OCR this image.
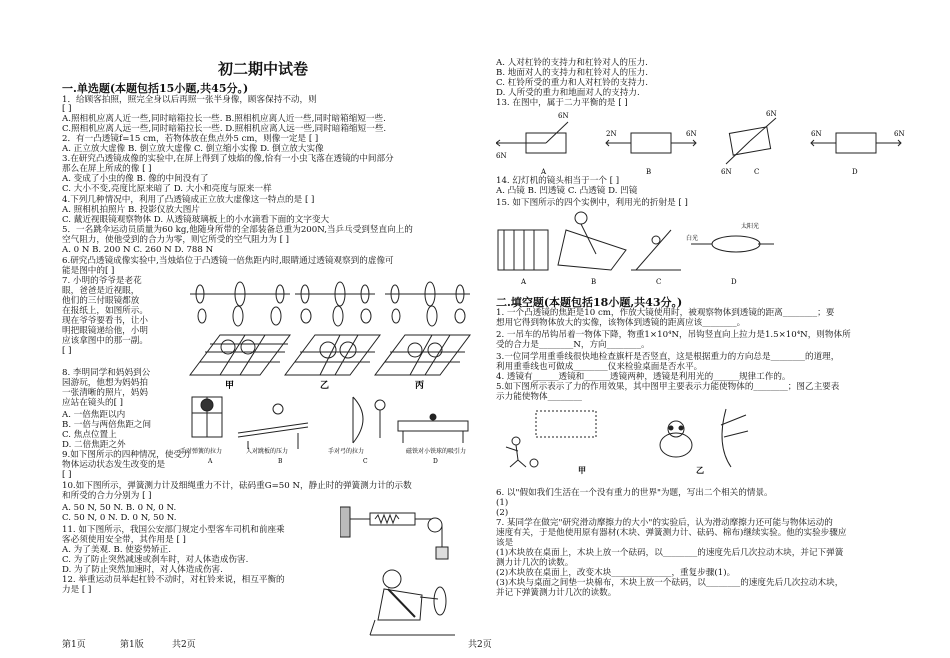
初二期中试卷
一.单选题(本题包括15小题,共45分。)
二.填空题(本题包括18小题,共43分。)
1．给顾客拍照，照完全身以后再照一张半身像，顾客保持不动，则
[ ]
A.照相机应离人近一些,同时暗箱拉长一些. B.照相机应离人近一些,同时暗箱缩短一些.
C.照相机应离人远一些,同时暗箱拉长一些. D.照相机应离人远一些,同时暗箱缩短一些.
2．有一凸透镜f=15 cm，若物体放在焦点外5 cm，则像一定是 [ ]
A. 正立放大虚像 B. 倒立放大虚像 C. 倒立缩小实像 D. 倒立放大实像
3.在研究凸透镜成像的实验中,在屏上得到了烛焰的像,恰有一小虫飞落在透镜的中间部分
那么在屏上所成的像 [ ]
A. 变成了小虫的像 B. 像的中间没有了
C. 大小不变,亮度比原来暗了 D. 大小和亮度与原来一样
4.下列几种情况中，利用了凸透镜成正立放大虚像这一特点的是 [ ]
A. 照相机拍照片 B. 投影仪放大图片
C. 戴近视眼镜观察物体 D. 从透镜玻璃板上的小水滴看下面的文字变大
5．一名跳伞运动员质量为60 kg,他随身所带的全部装备总重为200N,当乒乓受到竖直向上的
空气阻力，使他受到的合力为零，则它所受的空气阻力为 [ ]
A. 0 N B. 200 N C. 260 N D. 788 N
6.研究凸透镜成像实验中,当烛焰位于凸透镜一倍焦距内时,眼睛通过透镜观察到的虚像可
能是图中的[ ]
7. 小明的爷爷是老花
眼，爸爸是近视眼，
他们的三付眼镜都放
在报纸上，如图所示。
现在爷爷要看书，让小
明把眼镜递给他，小明
应该拿图中的那一副。
[ ]
8. 李明同学和妈妈到公
园游玩，他想为妈妈拍
一张清晰的照片，妈妈
应站在镜头的[ ]
A. 一倍焦距以内
B. 一倍与两倍焦距之间
C. 焦点位置上
D. 二倍焦距之外
9.如下图所示的四种情况，使受力
物体运动状态发生改变的是
[ ]
10.如下图所示，弹簧测力计及细绳重力不计，砝码重G=50 N，静止时的弹簧测力计的示数
和所受的合力分别为 [ ]
A. 50 N, 50 N. B. 0 N, 0 N.
C. 50 N, 0 N. D. 0 N, 50 N.
11. 如下图所示，我国公安部门规定小型客车司机和前座乘
客必须使用安全带，其作用是 [ ]
A. 为了美观. B. 使姿势矫正.
C. 为了防止突然减速或刹车时，对人体造成伤害.
D. 为了防止突然加速时，对人体造成伤害.
12. 举重运动员举起杠铃不动时，对杠铃来说，相互平衡的
力是 [ ]
A. 人对杠铃的支持力和杠铃对人的压力.
B. 地面对人的支持力和杠铃对人的压力.
C. 杠铃所受的重力和人对杠铃的支持力.
D. 人所受的重力和地面对人的支持力.
13. 在图中，属于二力平衡的是 [ ]
14. 幻灯机的镜头相当于一个 [ ]
A. 凸镜 B. 凹透镜 C. 凸透镜 D. 凹镜
15. 如下图所示的四个实例中，利用光的折射是 [ ]
1. 一个凸透镜的焦距是10 cm，作放大镜使用时，被观察物体到透镜的距离________；要
想用它得到物体放大的实像，该物体到透镜的距离应该________。
2. 一吊车的吊钩吊着一物体下降，物重1×10⁴N，吊钩竖直向上拉力是1.5×10⁴N，则物体所
受的合力是________N，方向________。
3.一位同学用重垂线很快地检查旗杆是否竖直，这是根据重力的方向总是________的道理，
利用重垂线也可做成________仪来检验桌面是否水平。
4. 透镜有______透镜和______透镜两种，透镜是利用光的______规律工作的。
5.如下图所示表示了力的作用效果，其中图甲主要表示力能使物体的________；图乙主要表
示力能使物体________
6. 以"假如我们生活在一个没有重力的世界"为题，写出二个相关的情景。
(1)
(2)
7. 某同学在做完"研究滑动摩擦力的大小"的实验后，认为滑动摩擦力还可能与物体运动的
速度有关，于是他使用原有器材(木块、弹簧测力计、砝码、棉布)继续实验。他的实验步骤应
该是
(1)木块放在桌面上，木块上放一个砝码，以________的速度先后几次拉动木块，并记下弹簧
测力计几次的读数。
(2)木块放在桌面上，改变木块______________，重复步骤(1)。
(3)木块与桌面之间垫一块棉布，木块上放一个砝码，以________的速度先后几次拉动木块，
并记下弹簧测力计几次的读数。
甲	乙	丙
手对弹簧的拉力	人对跳板的压力	手对弓的拉力	磁铁对小铁球的吸引力
A	B	C	D
6N
6N
2N	6N
6N
6N
6N	6N
A	B	C	D
A	B	C	D
白光
太阳光
甲	乙
第1页	第1版	共2页	共2页
